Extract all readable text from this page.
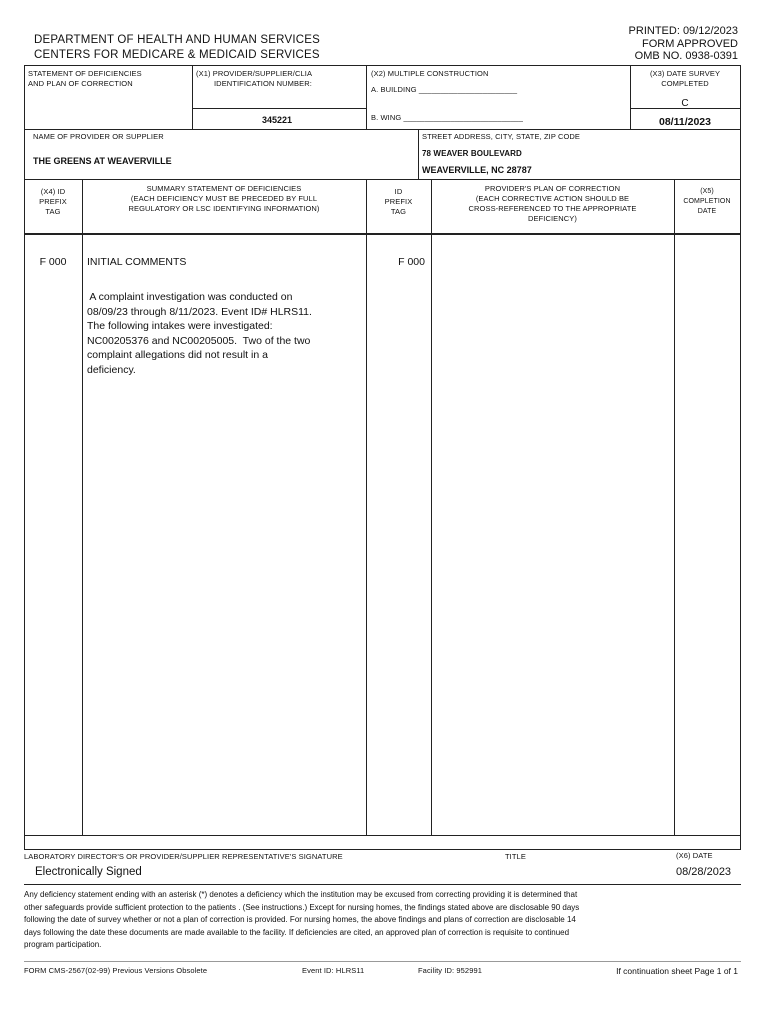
DEPARTMENT OF HEALTH AND HUMAN SERVICES
CENTERS FOR MEDICARE & MEDICAID SERVICES
PRINTED: 09/12/2023
FORM APPROVED
OMB NO. 0938-0391
STATEMENT OF DEFICIENCIES
AND PLAN OF CORRECTION
(X1) PROVIDER/SUPPLIER/CLIA
IDENTIFICATION NUMBER:
345221
(X2) MULTIPLE CONSTRUCTION
A. BUILDING _______________________
B. WING ____________________________
(X3) DATE SURVEY
COMPLETED
C
08/11/2023
NAME OF PROVIDER OR SUPPLIER
THE GREENS AT WEAVERVILLE
STREET ADDRESS, CITY, STATE, ZIP CODE
78 WEAVER BOULEVARD
WEAVERVILLE, NC 28787
(X4) ID
PREFIX
TAG
SUMMARY STATEMENT OF DEFICIENCIES
(EACH DEFICIENCY MUST BE PRECEDED BY FULL
REGULATORY OR LSC IDENTIFYING INFORMATION)
ID
PREFIX
TAG
PROVIDER'S PLAN OF CORRECTION
(EACH CORRECTIVE ACTION SHOULD BE
CROSS-REFERENCED TO THE APPROPRIATE
DEFICIENCY)
(X5)
COMPLETION
DATE
F 000	INITIAL COMMENTS	F 000
A complaint investigation was conducted on
08/09/23 through 8/11/2023. Event ID# HLRS11.
The following intakes were investigated:
NC00205376 and NC00205005.  Two of the two
complaint allegations did not result in a
deficiency.
LABORATORY DIRECTOR'S OR PROVIDER/SUPPLIER REPRESENTATIVE'S SIGNATURE
Electronically Signed
TITLE	(X6) DATE
08/28/2023
Any deficiency statement ending with an asterisk (*) denotes a deficiency which the institution may be excused from correcting providing it is determined that
other safeguards provide sufficient protection to the patients . (See instructions.) Except for nursing homes, the findings stated above are disclosable 90 days
following the date of survey whether or not a plan of correction is provided. For nursing homes, the above findings and plans of correction are disclosable 14
days following the date these documents are made available to the facility. If deficiencies are cited, an approved plan of correction is requisite to continued
program participation.
FORM CMS-2567(02-99) Previous Versions Obsolete	Event ID: HLRS11	Facility ID: 952991	If continuation sheet Page 1 of 1
